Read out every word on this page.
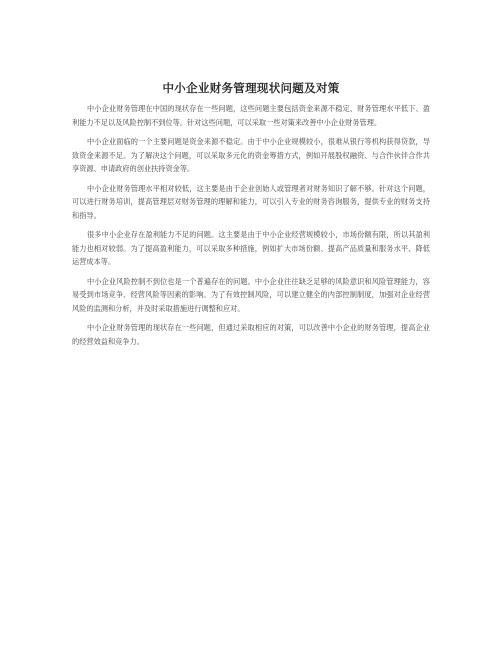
中小企业财务管理现状问题及对策

中小企业财务管理在中国的现状存在一些问题，这些问题主要包括资金来源不稳定、财务管理水平低下、盈利能力不足以及风险控制不到位等。针对这些问题，可以采取一些对策来改善中小企业财务管理。

中小企业面临的一个主要问题是资金来源不稳定。由于中小企业规模较小，很难从银行等机构获得贷款，导致资金来源不足。为了解决这个问题，可以采取多元化的资金筹措方式，例如开展股权融资、与合作伙伴合作共享资源、申请政府的创业扶持资金等。

中小企业财务管理水平相对较低，这主要是由于企业创始人或管理者对财务知识了解不够。针对这个问题，可以进行财务培训，提高管理层对财务管理的理解和能力，可以引入专业的财务咨询服务，提供专业的财务支持和指导。

很多中小企业存在盈利能力不足的问题。这主要是由于中小企业经营规模较小，市场份额有限，所以其盈利能力也相对较弱。为了提高盈利能力，可以采取多种措施，例如扩大市场份额、提高产品质量和服务水平、降低运营成本等。

中小企业风险控制不到位也是一个普遍存在的问题。中小企业往往缺乏足够的风险意识和风险管理能力，容易受到市场竞争、经营风险等因素的影响。为了有效控制风险，可以建立健全的内部控制制度，加强对企业经营风险的监测和分析，并及时采取措施进行调整和应对。

中小企业财务管理的现状存在一些问题，但通过采取相应的对策，可以改善中小企业的财务管理，提高企业的经营效益和竞争力。
